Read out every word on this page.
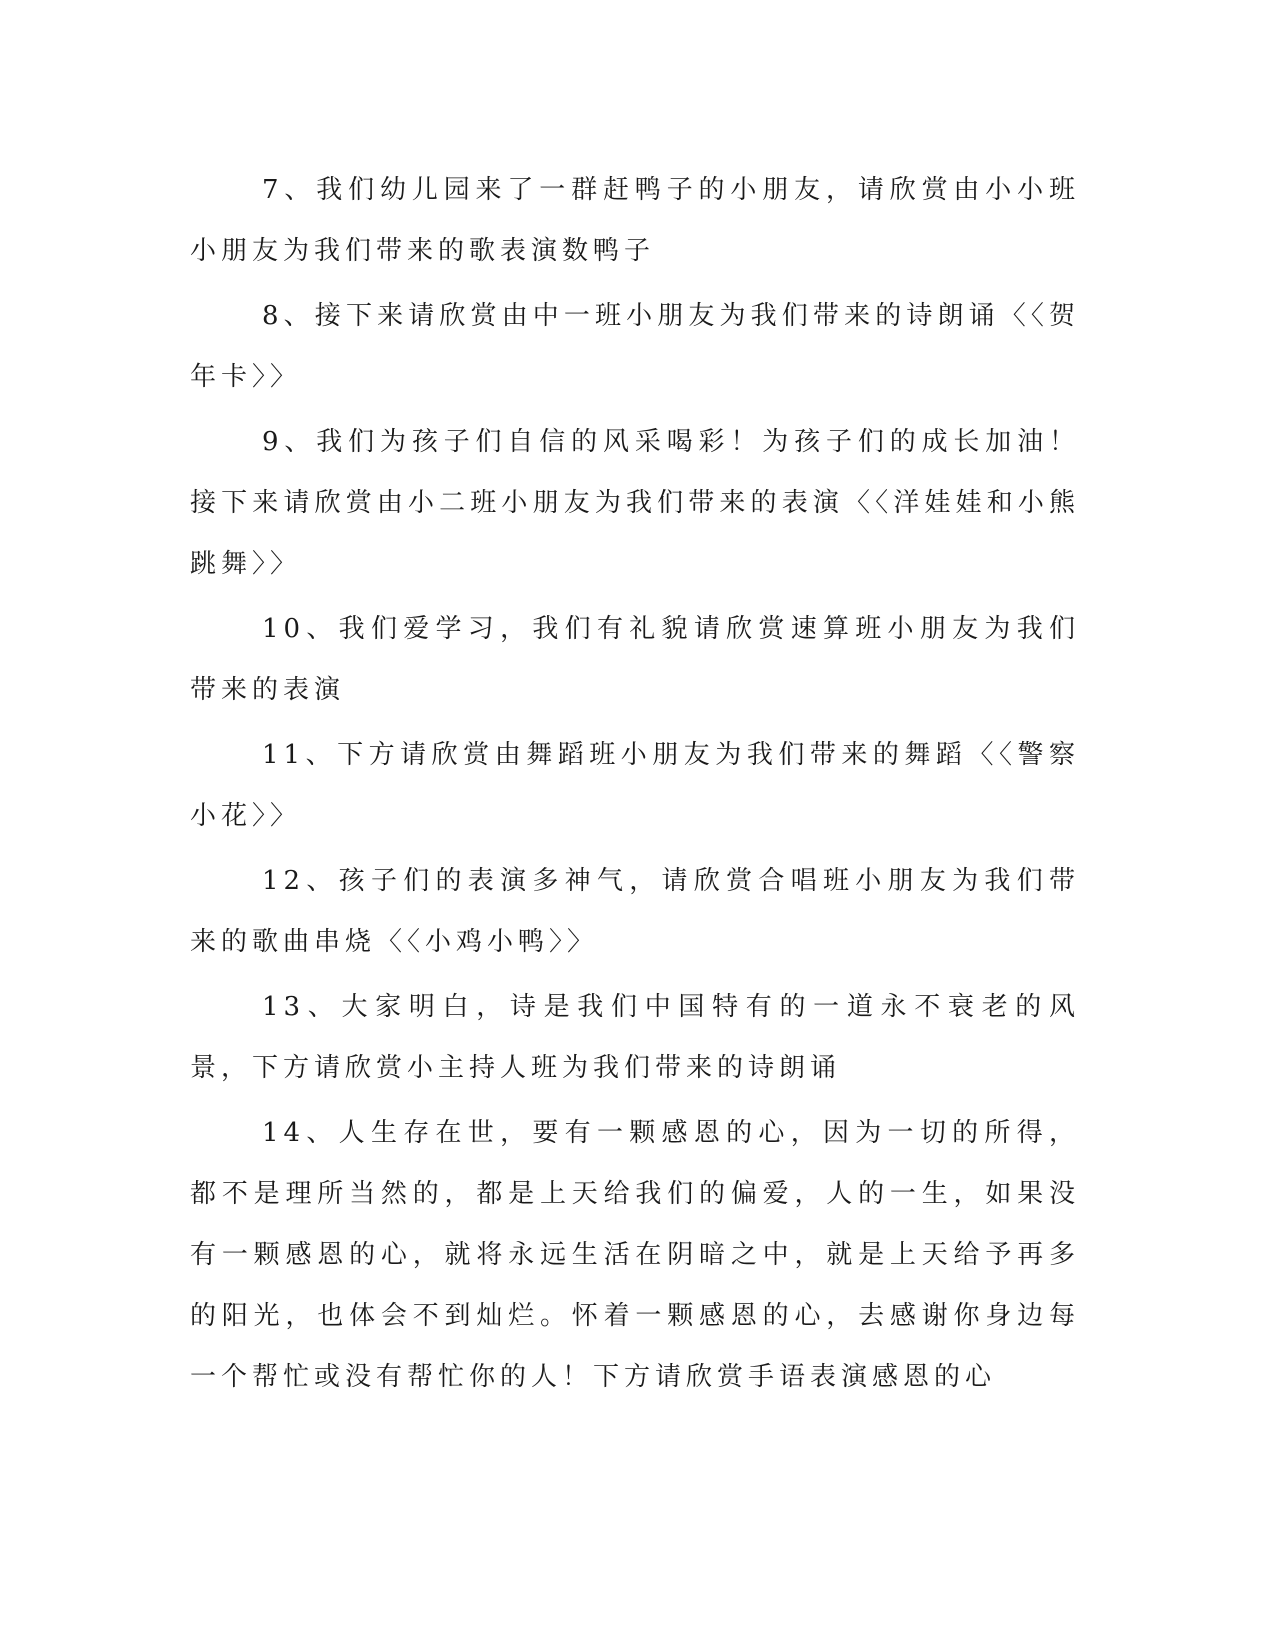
7、我们幼儿园来了一群赶鸭子的小朋友，请欣赏由小小班小朋友为我们带来的歌表演数鸭子

8、接下来请欣赏由中一班小朋友为我们带来的诗朗诵〈〈贺年卡〉〉

9、我们为孩子们自信的风采喝彩！为孩子们的成长加油！接下来请欣赏由小二班小朋友为我们带来的表演〈〈洋娃娃和小熊跳舞〉〉

10、我们爱学习，我们有礼貌请欣赏速算班小朋友为我们带来的表演

11、下方请欣赏由舞蹈班小朋友为我们带来的舞蹈〈〈警察小花〉〉

12、孩子们的表演多神气，请欣赏合唱班小朋友为我们带来的歌曲串烧〈〈小鸡小鸭〉〉

13、大家明白，诗是我们中国特有的一道永不衰老的风景，下方请欣赏小主持人班为我们带来的诗朗诵

14、人生存在世，要有一颗感恩的心，因为一切的所得，都不是理所当然的，都是上天给我们的偏爱，人的一生，如果没有一颗感恩的心，就将永远生活在阴暗之中，就是上天给予再多的阳光，也体会不到灿烂。怀着一颗感恩的心，去感谢你身边每一个帮忙或没有帮忙你的人！下方请欣赏手语表演感恩的心
